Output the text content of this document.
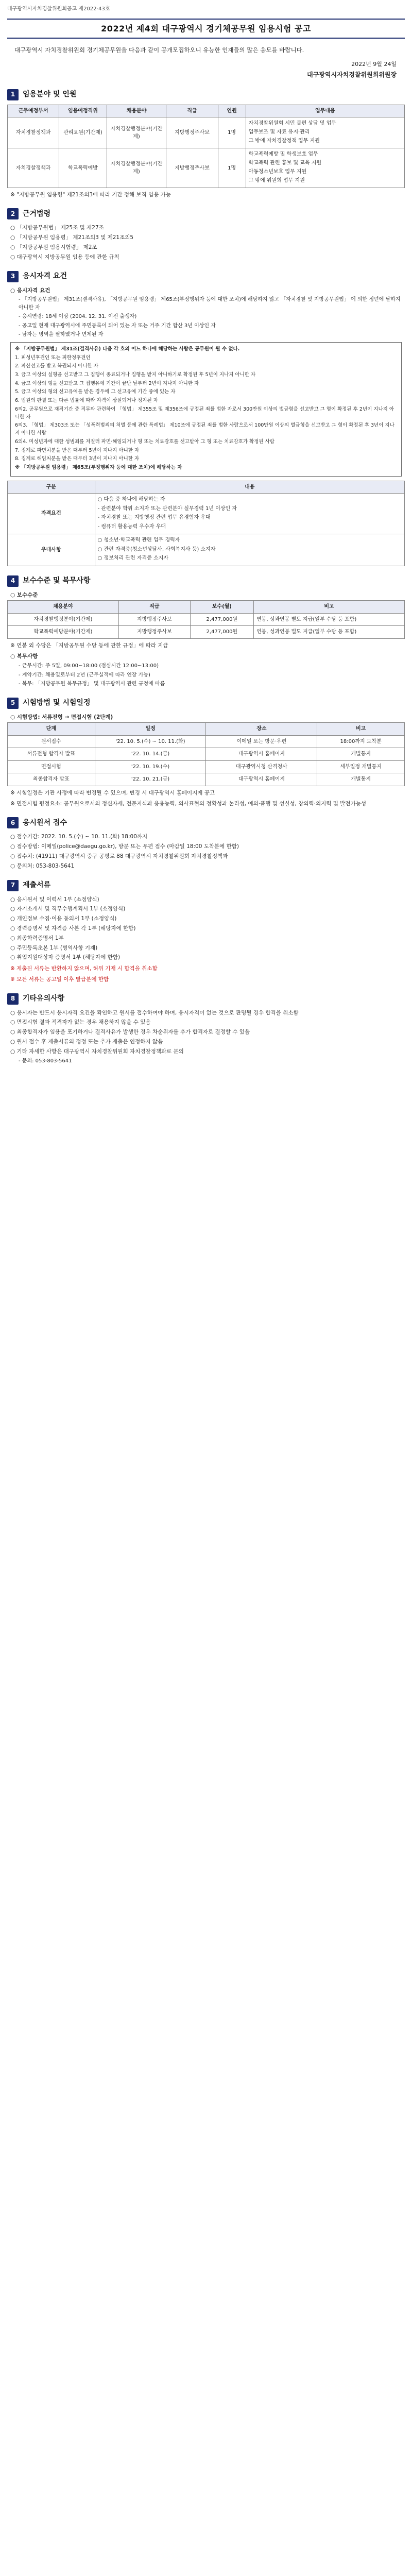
대구광역시자치경찰위원회공고 제2022-43호
2022년 제4회 대구광역시 경기체공무원 임용시험 공고

대구광역시 자치경찰위원회 경기체공무원을 다음과 같이 공개모집하오니 유능한 인재들의 많은 응모를 바랍니다.

2022년 9월 24일
대구광역시자치경찰위원회위원장
1	임용분야 및 인원
근무예정부서	임용예정직위	채용분야	직급	인원	업무내용
자치경찰정책과	관리요원(기간제)	자치경찰행정분야(기간제)	지방행정주사보	1명	자치경찰위원회 시민 불편 상담 및 업무
업무보조 및 자료 유지·관리
그 밖에 자치경찰정책 업무 지원

자치경찰정책과	학교폭력예방	자치경찰행정분야(기간제)	지방행정주사보	1명	학교폭력예방 및 학생보호 업무
학교폭력 관련 홍보 및 교육 지원
아동청소년보호 업무 지원
그 밖에 위원회 업무 지원
※ "지방공무원 임용령" 제21조의3에 따라 기간 정해 보직 임용 가능
2	근거법령
○ 「지방공무원법」 제25조 및 제27조
○ 「지방공무원 임용령」 제21조의3 및 제21조의5
○ 「지방공무원 임용시험령」 제2조
○ 대구광역시 지방공무원 임용 등에 관한 규칙
3	응시자격 요건
○ 응시자격 요건
- 「지방공무원법」 제31조(결격사유), 「지방공무원 임용령」 제65조(부정행위자 등에 대한 조치)에 해당하지 않고 「자치경찰 및 지방공무원법」 에 의한 정년에 달하지 아니한 자
- 응시연령: 18세 이상 (2004. 12. 31. 이전 출생자)
- 공고일 현재 대구광역시에 주민등록이 되어 있는 자 또는 거주 기간 합산 3년 이상인 자
- 남자는 병역을 필하였거나 면제된 자
※ 「지방공무원법」 제31조(결격사유) 다음 각 호의 어느 하나에 해당하는 사람은 공무원이 될 수 없다.
1. 피성년후견인 또는 피한정후견인
2. 파산선고를 받고 복권되지 아니한 자
3. 금고 이상의 실형을 선고받고 그 집행이 종료되거나 집행을 받지 아니하기로 확정된 후 5년이 지나지 아니한 자
4. 금고 이상의 형을 선고받고 그 집행유예 기간이 끝난 날부터 2년이 지나지 아니한 자
5. 금고 이상의 형의 선고유예를 받은 경우에 그 선고유예 기간 중에 있는 자
6. 법원의 판결 또는 다른 법률에 따라 자격이 상실되거나 정지된 자
6의2. 공무원으로 재직기간 중 직무와 관련하여 「형법」 제355조 및 제356조에 규정된 죄를 범한 자로서 300만원 이상의 벌금형을 선고받고 그 형이 확정된 후 2년이 지나지 아니한 자
6의3. 「형법」 제303조 또는 「성폭력범죄의 처벌 등에 관한 특례법」 제10조에 규정된 죄를 범한 사람으로서 100만원 이상의 벌금형을 선고받고 그 형이 확정된 후 3년이 지나지 아니한 사람
6의4. 미성년자에 대한 성범죄를 저질러 파면·해임되거나 형 또는 치료감호를 선고받아 그 형 또는 치료감호가 확정된 사람
7. 징계로 파면처분을 받은 때부터 5년이 지나지 아니한 자
8. 징계로 해임처분을 받은 때부터 3년이 지나지 아니한 자
※ 「지방공무원 임용령」 제65조(부정행위자 등에 대한 조치)에 해당하는 자
구분	내용
자격요건	○ 다음 중 하나에 해당하는 자
- 관련분야 학위 소지자 또는 관련분야 실무경력 1년 이상인 자
- 자치경찰 또는 지방행정 관련 업무 유경험자 우대
- 컴퓨터 활용능력 우수자 우대

우대사항	○ 청소년·학교폭력 관련 업무 경력자
○ 관련 자격증(청소년상담사, 사회복지사 등) 소지자
○ 정보처리 관련 자격증 소지자
4	보수수준 및 복무사항
○ 보수수준
채용분야	직급	보수(월)	비고
자치경찰행정분야(기간제)	지방행정주사보	2,477,000원	연봉, 성과연봉 별도 지급(일부 수당 등 포함)
학교폭력예방분야(기간제)	지방행정주사보	2,477,000원	연봉, 성과연봉 별도 지급(일부 수당 등 포함)
※ 연봉 외 수당은 「지방공무원 수당 등에 관한 규정」에 따라 지급
○ 복무사항
- 근무시간: 주 5일, 09:00~18:00 (점심시간 12:00~13:00)
- 계약기간: 채용일로부터 2년 (근무실적에 따라 연장 가능)
- 복무: 「지방공무원 복무규정」 및 대구광역시 관련 규정에 따름
5	시험방법 및 시험일정
○ 시험방법: 서류전형 → 면접시험 (2단계)
단계	일정	장소	비고
원서접수	'22. 10. 5.(수) ~ 10. 11.(화)	이메일 또는 방문·우편	18:00까지 도착분
서류전형 합격자 발표	'22. 10. 14.(금)	대구광역시 홈페이지	개별통지
면접시험	'22. 10. 19.(수)	대구광역시청 산격청사	세부일정 개별통지
최종합격자 발표	'22. 10. 21.(금)	대구광역시 홈페이지	개별통지
※ 시험일정은 기관 사정에 따라 변경될 수 있으며, 변경 시 대구광역시 홈페이지에 공고
※ 면접시험 평정요소: 공무원으로서의 정신자세, 전문지식과 응용능력, 의사표현의 정확성과 논리성, 예의·품행 및 성실성, 창의력·의지력 및 발전가능성
6	응시원서 접수
○ 접수기간: 2022. 10. 5.(수) ~ 10. 11.(화) 18:00까지
○ 접수방법: 이메일(police@daegu.go.kr), 방문 또는 우편 접수 (마감일 18:00 도착분에 한함)
○ 접수처: (41911) 대구광역시 중구 공평로 88 대구광역시 자치경찰위원회 자치경찰정책과
○ 문의처: 053-803-5641
7	제출서류
○ 응시원서 및 이력서 1부 (소정양식)
○ 자기소개서 및 직무수행계획서 1부 (소정양식)
○ 개인정보 수집·이용 동의서 1부 (소정양식)
○ 경력증명서 및 자격증 사본 각 1부 (해당자에 한함)
○ 최종학력증명서 1부
○ 주민등록초본 1부 (병역사항 기재)
○ 취업지원대상자 증명서 1부 (해당자에 한함)
※ 제출된 서류는 반환하지 않으며, 허위 기재 시 합격을 취소함
※ 모든 서류는 공고일 이후 발급분에 한함
8	기타유의사항
○ 응시자는 반드시 응시자격 요건을 확인하고 원서를 접수하여야 하며, 응시자격이 없는 것으로 판명될 경우 합격을 취소함
○ 면접시험 결과 적격자가 없는 경우 채용하지 않을 수 있음
○ 최종합격자가 임용을 포기하거나 결격사유가 발생한 경우 차순위자를 추가 합격자로 결정할 수 있음
○ 원서 접수 후 제출서류의 정정 또는 추가 제출은 인정하지 않음
○ 기타 자세한 사항은 대구광역시 자치경찰위원회 자치경찰정책과로 문의
- 문의: 053-803-5641
